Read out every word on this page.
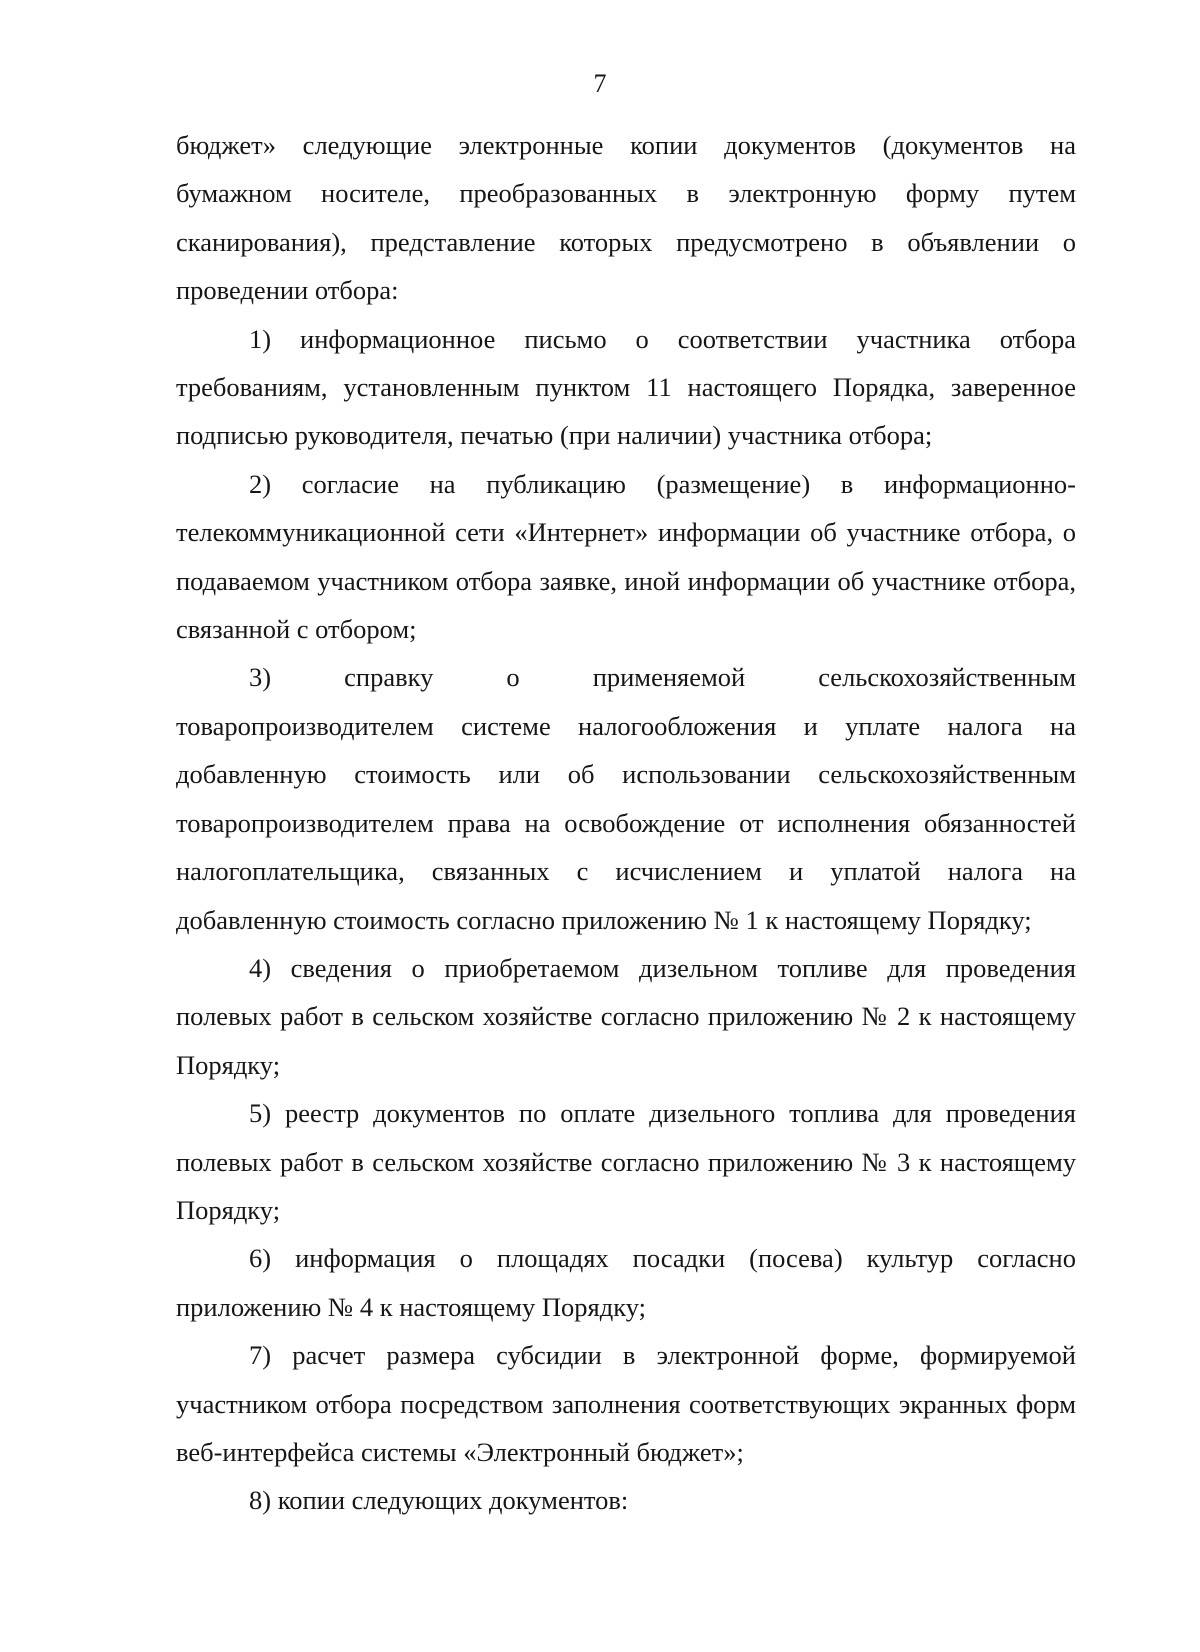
7

бюджет» следующие электронные копии документов (документов на бумажном носителе, преобразованных в электронную форму путем сканирования), представление которых предусмотрено в объявлении о проведении отбора:

1) информационное письмо о соответствии участника отбора требованиям, установленным пунктом 11 настоящего Порядка, заверенное подписью руководителя, печатью (при наличии) участника отбора;

2) согласие на публикацию (размещение) в информационно-телекоммуникационной сети «Интернет» информации об участнике отбора, о подаваемом участником отбора заявке, иной информации об участнике отбора, связанной с отбором;

3) справку о применяемой сельскохозяйственным
товаропроизводителем системе налогообложения и уплате налога на добавленную стоимость или об использовании сельскохозяйственным товаропроизводителем права на освобождение от исполнения обязанностей налогоплательщика, связанных с исчислением и уплатой налога на добавленную стоимость согласно приложению № 1 к настоящему Порядку;

4) сведения о приобретаемом дизельном топливе для проведения полевых работ в сельском хозяйстве согласно приложению № 2 к настоящему Порядку;

5) реестр документов по оплате дизельного топлива для проведения полевых работ в сельском хозяйстве согласно приложению № 3 к настоящему Порядку;

6) информация о площадях посадки (посева) культур согласно приложению № 4 к настоящему Порядку;

7) расчет размера субсидии в электронной форме, формируемой участником отбора посредством заполнения соответствующих экранных форм веб-интерфейса системы «Электронный бюджет»;

8) копии следующих документов:
